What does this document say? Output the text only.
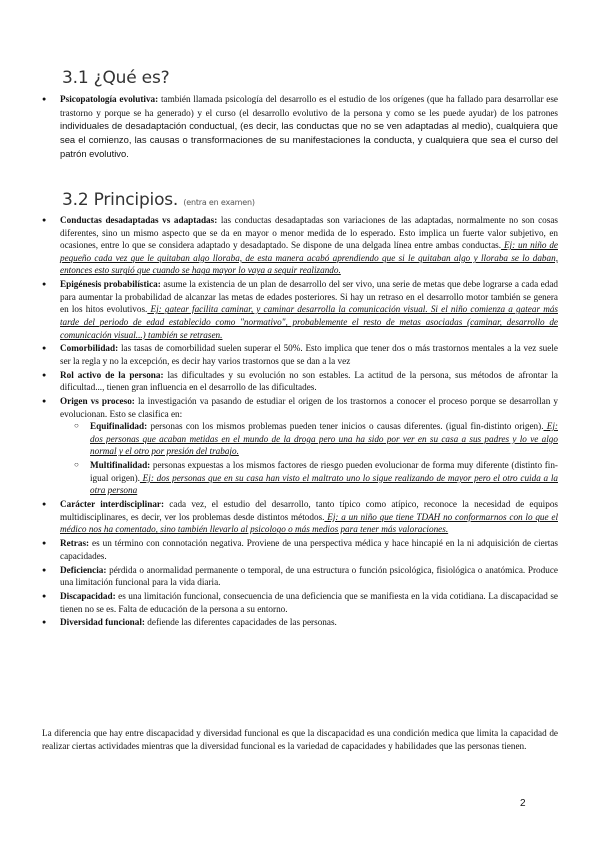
3.1 ¿Qué es?
● Psicopatología evolutiva: también llamada psicología del desarrollo es el estudio de los orígenes (que ha fallado para desarrollar ese trastorno y porque se ha generado) y el curso (el desarrollo evolutivo de la persona y como se les puede ayudar) de los patrones individuales de desadaptación conductual, (es decir, las conductas que no se ven adaptadas al medio), cualquiera que sea el comienzo, las causas o transformaciones de su manifestaciones la conducta, y cualquiera que sea el curso del patrón evolutivo.
3.2 Principios. (entra en examen)
● Conductas desadaptadas vs adaptadas: las conductas desadaptadas son variaciones de las adaptadas, normalmente no son cosas diferentes, sino un mismo aspecto que se da en mayor o menor medida de lo esperado. Esto implica un fuerte valor subjetivo, en ocasiones, entre lo que se considera adaptado y desadaptado. Se dispone de una delgada línea entre ambas conductas. Ej: un niño de pequeño cada vez que le quitaban algo lloraba, de esta manera acabó aprendiendo que si le quitaban algo y lloraba se lo daban, entonces esto surgió que cuando se haga mayor lo vaya a seguir realizando.
● Epigénesis probabilística: asume la existencia de un plan de desarrollo del ser vivo, una serie de metas que debe lograrse a cada edad para aumentar la probabilidad de alcanzar las metas de edades posteriores. Si hay un retraso en el desarrollo motor también se genera en los hitos evolutivos. Ej: gatear facilita caminar, y caminar desarrolla la comunicación visual. Si el niño comienza a gatear más tarde del periodo de edad establecido como "normativo", probablemente el resto de metas asociadas (caminar, desarrollo de comunicación visual...) también se retrasen.
● Comorbilidad: las tasas de comorbilidad suelen superar el 50%. Esto implica que tener dos o más trastornos mentales a la vez suele ser la regla y no la excepción, es decir hay varios trastornos que se dan a la vez
● Rol activo de la persona: las dificultades y su evolución no son estables. La actitud de la persona, sus métodos de afrontar la dificultad..., tienen gran influencia en el desarrollo de las dificultades.
● Origen vs proceso: la investigación va pasando de estudiar el origen de los trastornos a conocer el proceso porque se desarrollan y evolucionan. Esto se clasifica en:
○ Equifinalidad: personas con los mismos problemas pueden tener inicios o causas diferentes. (igual fin-distinto origen). Ej: dos personas que acaban metidas en el mundo de la droga pero una ha sido por ver en su casa a sus padres y lo ve algo normal y el otro por presión del trabajo.
○ Multifinalidad: personas expuestas a los mismos factores de riesgo pueden evolucionar de forma muy diferente (distinto fin-igual origen). Ej: dos personas que en su casa han visto el maltrato uno lo sigue realizando de mayor pero el otro cuida a la otra persona
● Carácter interdisciplinar: cada vez, el estudio del desarrollo, tanto típico como atípico, reconoce la necesidad de equipos multidisciplinares, es decir, ver los problemas desde distintos métodos. Ej: a un niño que tiene TDAH no conformarnos con lo que el médico nos ha comentado, sino también llevarlo al psicologo o más medios para tener más valoraciones.
● Retras: es un término con connotación negativa. Proviene de una perspectiva médica y hace hincapié en la ni adquisición de ciertas capacidades.
● Deficiencia: pérdida o anormalidad permanente o temporal, de una estructura o función psicológica, fisiológica o anatómica. Produce una limitación funcional para la vida diaria.
● Discapacidad: es una limitación funcional, consecuencia de una deficiencia que se manifiesta en la vida cotidiana. La discapacidad se tienen no se es. Falta de educación de la persona a su entorno.
● Diversidad funcional: defiende las diferentes capacidades de las personas.

La diferencia que hay entre discapacidad y diversidad funcional es que la discapacidad es una condición medica que limita la capacidad de realizar ciertas actividades mientras que la diversidad funcional es la variedad de capacidades y habilidades que las personas tienen.

2
